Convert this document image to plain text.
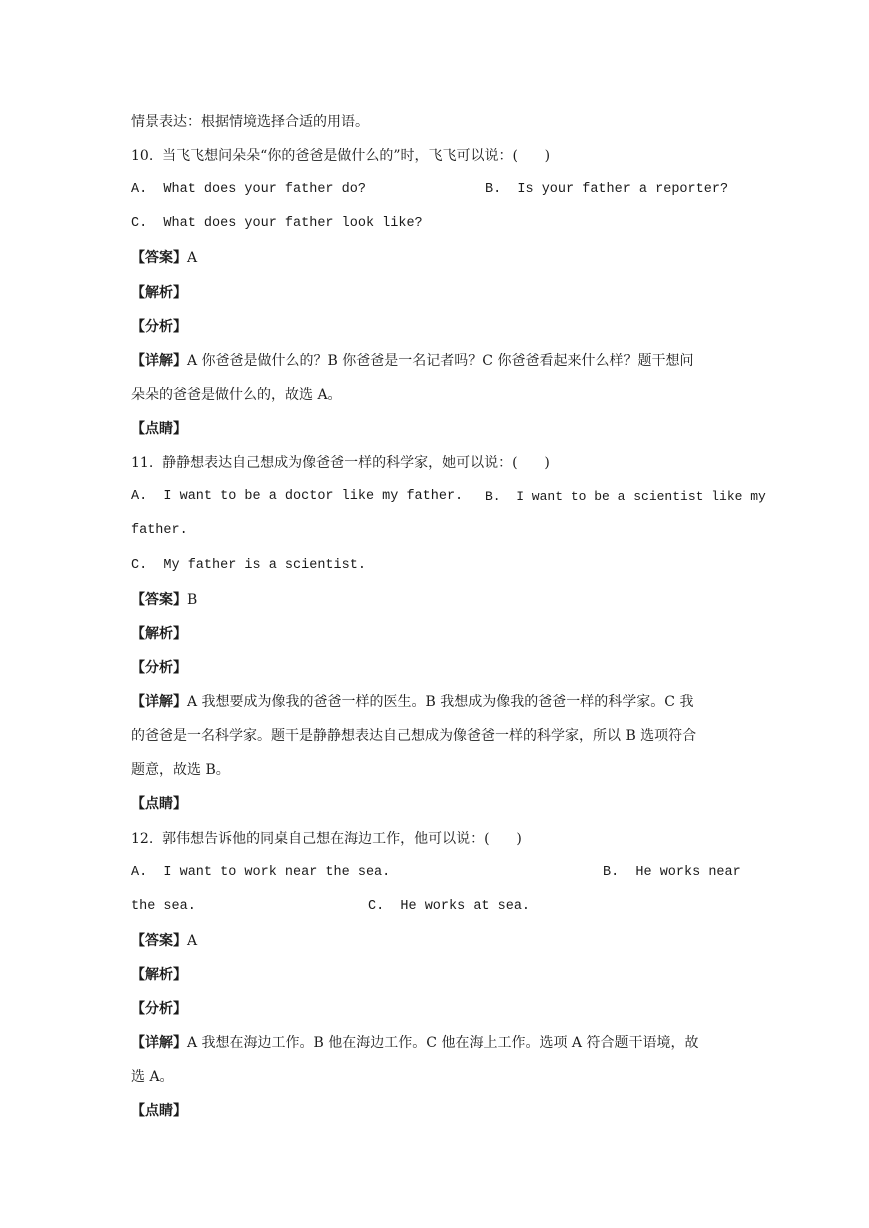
情景表达：根据情境选择合适的用语。
10.  当飞飞想问朵朵“你的爸爸是做什么的”时，飞飞可以说：(      )
A.  What does your father do?	B.  Is your father a reporter?
C.  What does your father look like?
【答案】A
【解析】
【分析】
【详解】A 你爸爸是做什么的？B 你爸爸是一名记者吗？C 你爸爸看起来什么样？题干想问
朵朵的爸爸是做什么的，故选 A。
【点睛】
11.  静静想表达自己想成为像爸爸一样的科学家，她可以说：(      )
A.  I want to be a doctor like my father. B.  I want to be a scientist like my
father.
C.  My father is a scientist.
【答案】B
【解析】
【分析】
【详解】A 我想要成为像我的爸爸一样的医生。B 我想成为像我的爸爸一样的科学家。C 我
的爸爸是一名科学家。题干是静静想表达自己想成为像爸爸一样的科学家，所以 B 选项符合
题意，故选 B。
【点睛】
12.  郭伟想告诉他的同桌自己想在海边工作，他可以说：(      )
A.  I want to work near the sea.	B.  He works near
the sea.	C.  He works at sea.
【答案】A
【解析】
【分析】
【详解】A 我想在海边工作。B 他在海边工作。C 他在海上工作。选项 A 符合题干语境，故
选 A。
【点睛】
